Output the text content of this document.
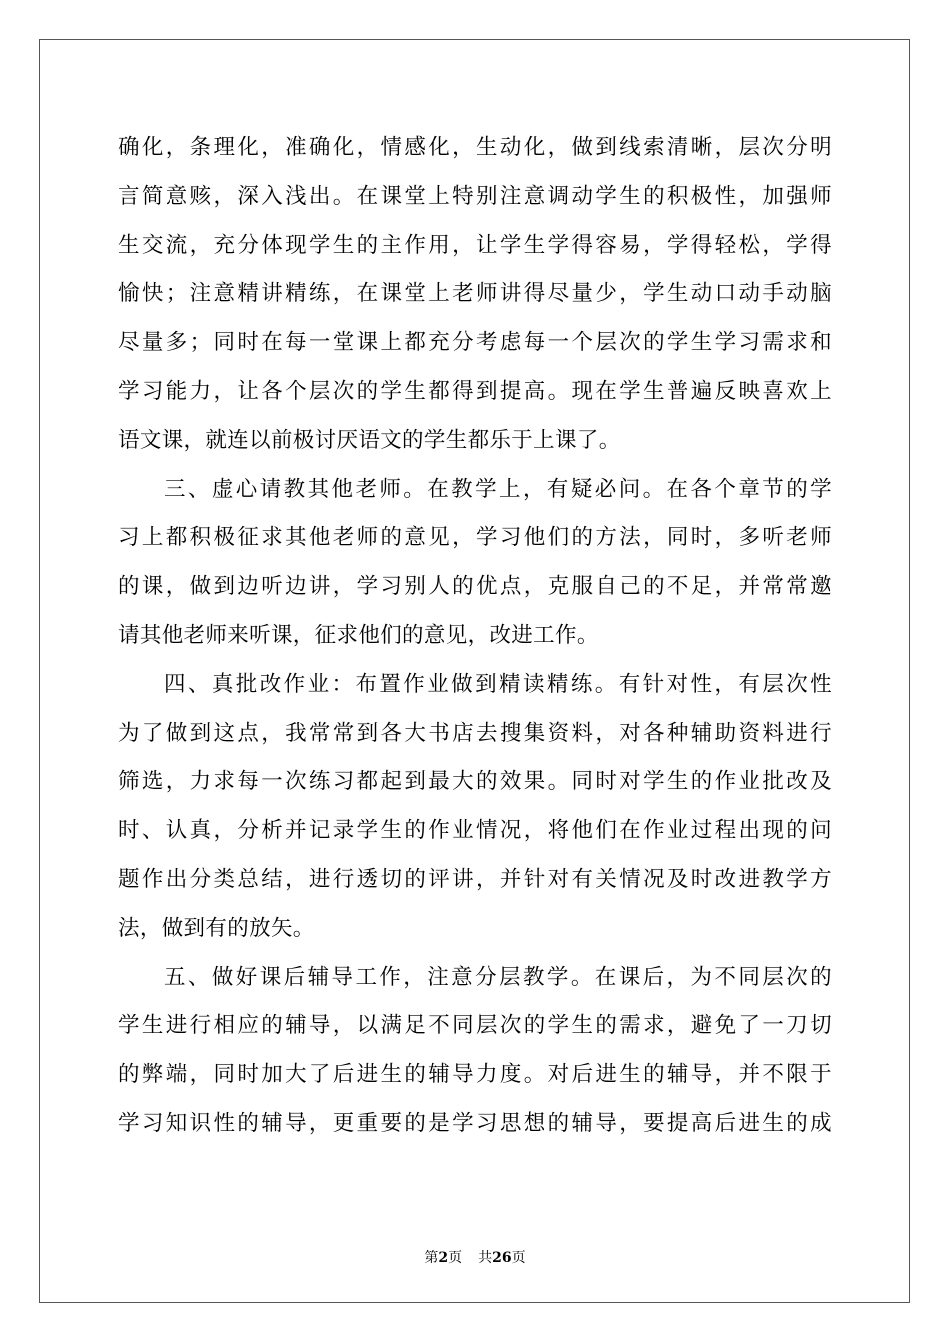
确化，条理化，准确化，情感化，生动化，做到线索清晰，层次分明
言简意赅，深入浅出。在课堂上特别注意调动学生的积极性，加强师
生交流，充分体现学生的主作用，让学生学得容易，学得轻松，学得
愉快；注意精讲精练，在课堂上老师讲得尽量少，学生动口动手动脑
尽量多；同时在每一堂课上都充分考虑每一个层次的学生学习需求和
学习能力，让各个层次的学生都得到提高。现在学生普遍反映喜欢上
语文课，就连以前极讨厌语文的学生都乐于上课了。
三、虚心请教其他老师。在教学上，有疑必问。在各个章节的学
习上都积极征求其他老师的意见，学习他们的方法，同时，多听老师
的课，做到边听边讲，学习别人的优点，克服自己的不足，并常常邀
请其他老师来听课，征求他们的意见，改进工作。
四、真批改作业：布置作业做到精读精练。有针对性，有层次性
为了做到这点，我常常到各大书店去搜集资料，对各种辅助资料进行
筛选，力求每一次练习都起到最大的效果。同时对学生的作业批改及
时、认真，分析并记录学生的作业情况，将他们在作业过程出现的问
题作出分类总结，进行透切的评讲，并针对有关情况及时改进教学方
法，做到有的放矢。
五、做好课后辅导工作，注意分层教学。在课后，为不同层次的
学生进行相应的辅导，以满足不同层次的学生的需求，避免了一刀切
的弊端，同时加大了后进生的辅导力度。对后进生的辅导，并不限于
学习知识性的辅导，更重要的是学习思想的辅导，要提高后进生的成
第2页 共26页
